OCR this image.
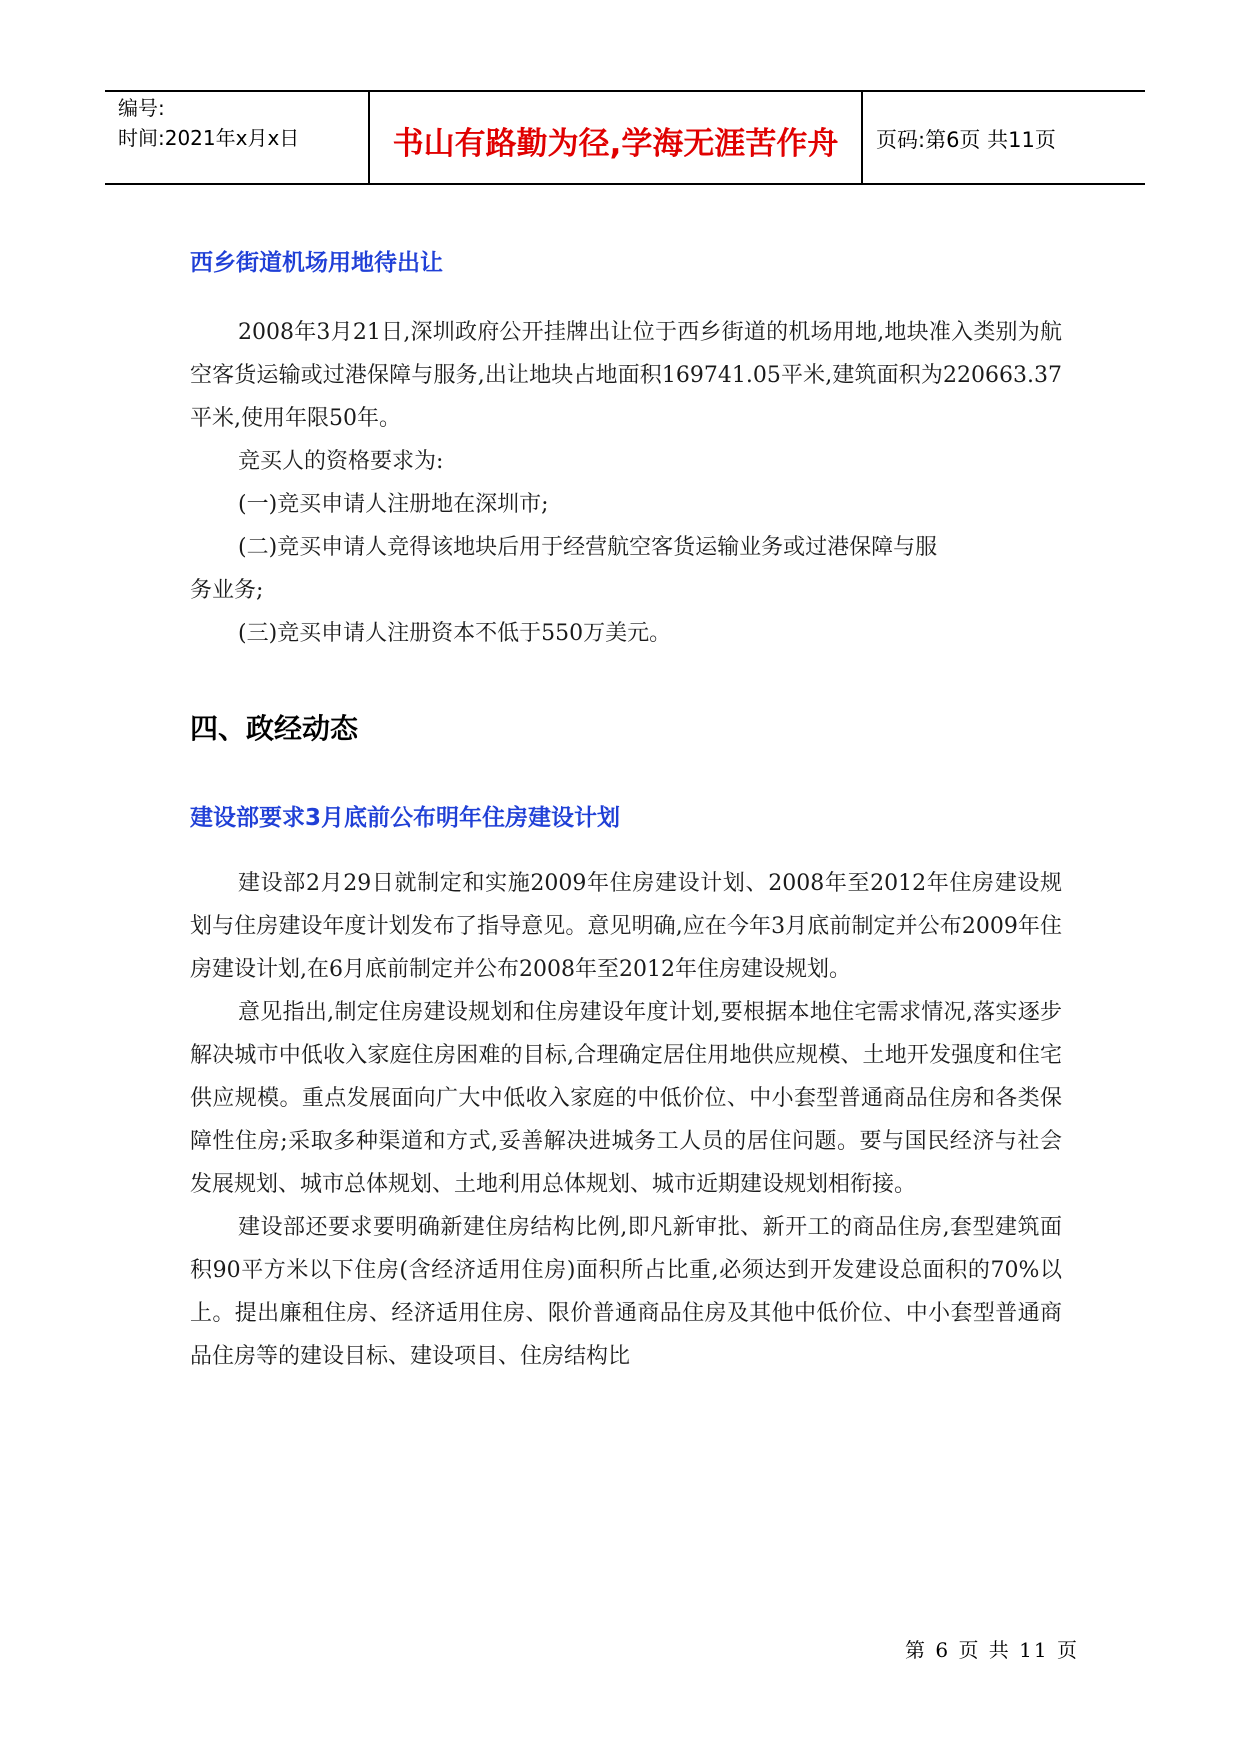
编号:
时间:2021年x月x日	书山有路勤为径,学海无涯苦作舟	页码:第6页 共11页
西乡街道机场用地待出让

2008年3月21日,深圳政府公开挂牌出让位于西乡街道的机场用地,地块准入类别为航空客货运输或过港保障与服务,出让地块占地面积169741.05平米,建筑面积为220663.37平米,使用年限50年。

竞买人的资格要求为:

(一)竞买申请人注册地在深圳市;

(二)竞买申请人竞得该地块后用于经营航空客货运输业务或过港保障与服

务业务;

(三)竞买申请人注册资本不低于550万美元。

四、政经动态
建设部要求3月底前公布明年住房建设计划

建设部2月29日就制定和实施2009年住房建设计划、2008年至2012年住房建设规划与住房建设年度计划发布了指导意见。意见明确,应在今年3月底前制定并公布2009年住房建设计划,在6月底前制定并公布2008年至2012年住房建设规划。

意见指出,制定住房建设规划和住房建设年度计划,要根据本地住宅需求情况,落实逐步解决城市中低收入家庭住房困难的目标,合理确定居住用地供应规模、土地开发强度和住宅供应规模。重点发展面向广大中低收入家庭的中低价位、中小套型普通商品住房和各类保障性住房;采取多种渠道和方式,妥善解决进城务工人员的居住问题。要与国民经济与社会发展规划、城市总体规划、土地利用总体规划、城市近期建设规划相衔接。

建设部还要求要明确新建住房结构比例,即凡新审批、新开工的商品住房,套型建筑面积90平方米以下住房(含经济适用住房)面积所占比重,必须达到开发建设总面积的70%以上。提出廉租住房、经济适用住房、限价普通商品住房及其他中低价位、中小套型普通商品住房等的建设目标、建设项目、住房结构比

第 6 页 共 11 页
